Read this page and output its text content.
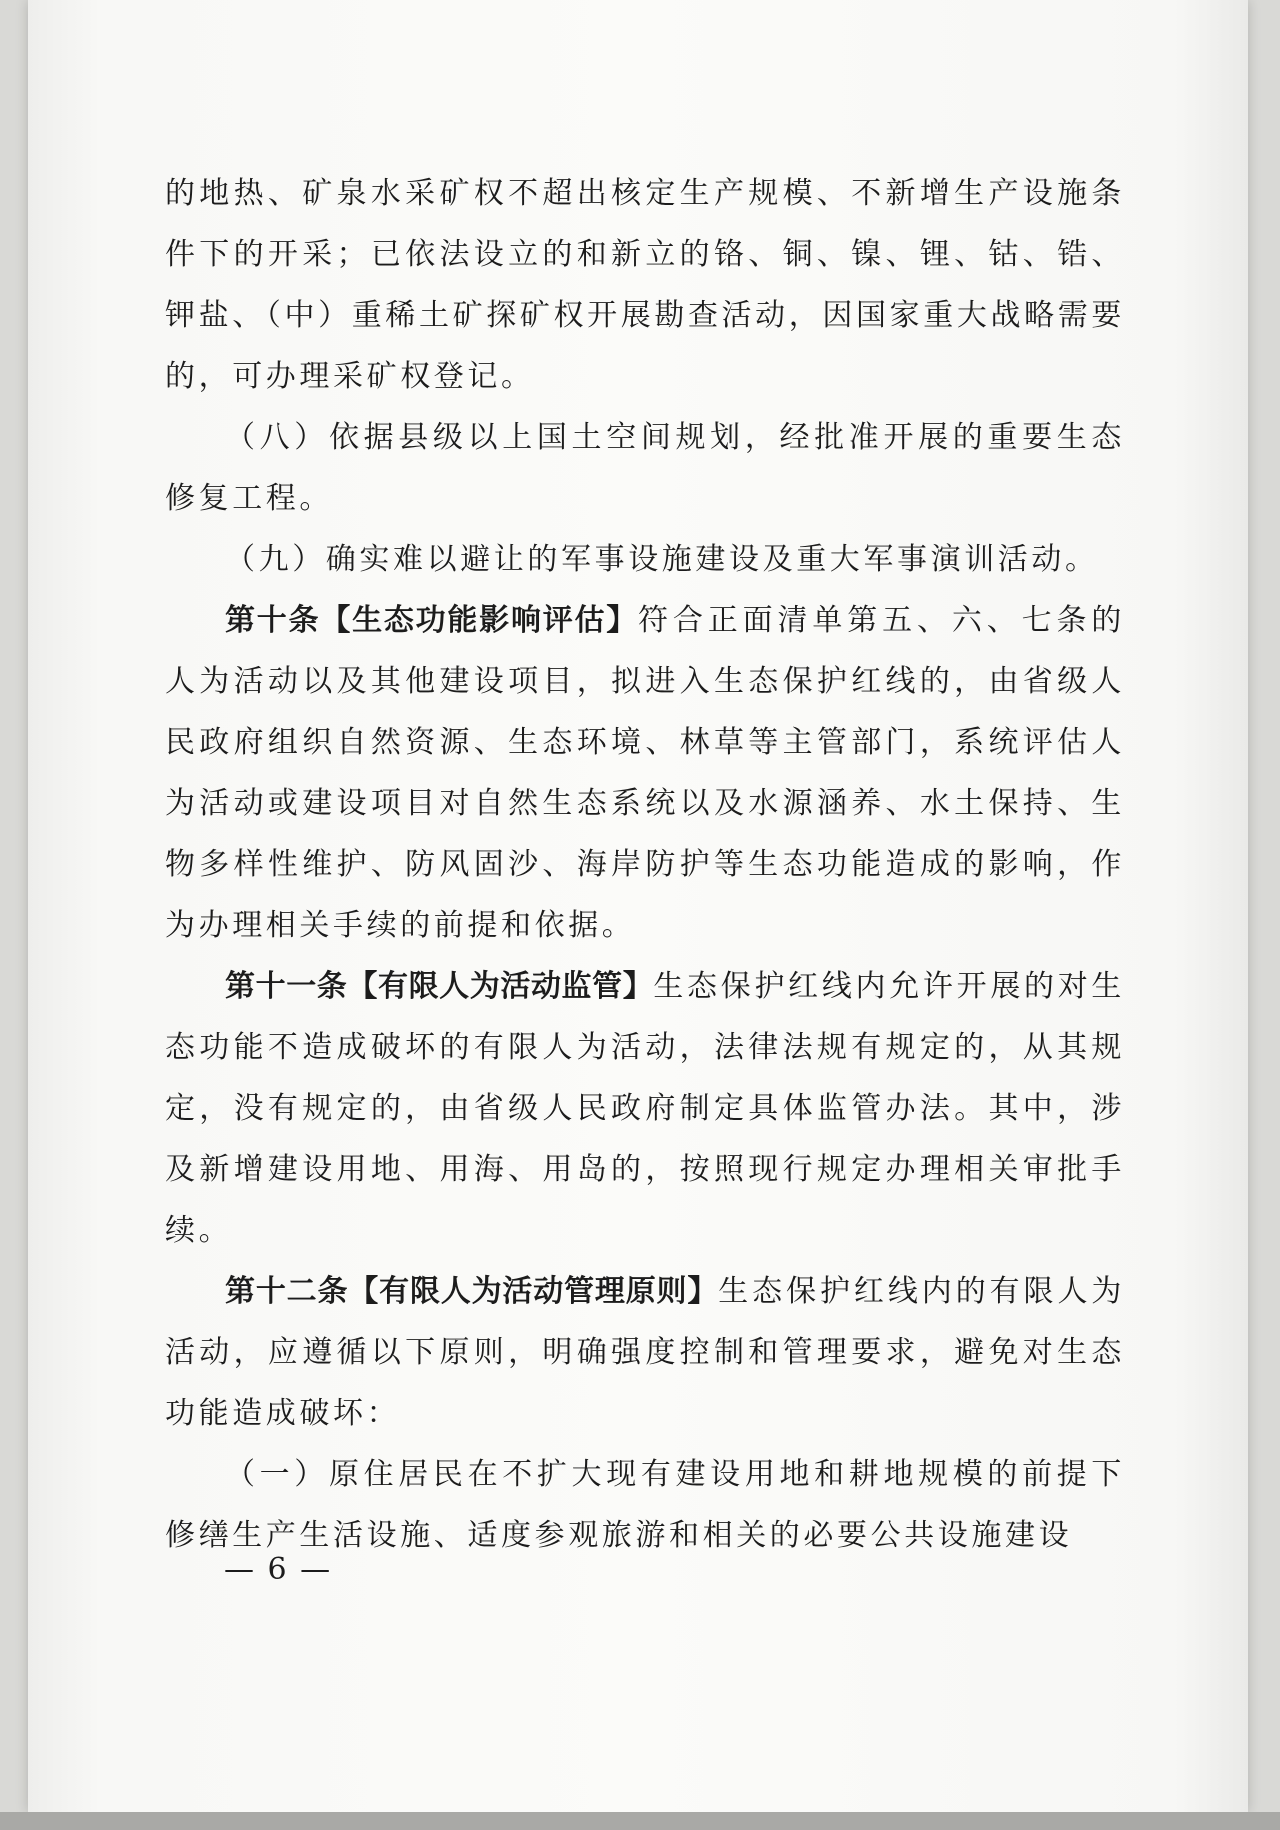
的地热、矿泉水采矿权不超出核定生产规模、不新增生产设施条件下的开采；已依法设立的和新立的铬、铜、镍、锂、钴、锆、钾盐、（中）重稀土矿探矿权开展勘查活动，因国家重大战略需要的，可办理采矿权登记。

（八）依据县级以上国土空间规划，经批准开展的重要生态修复工程。

（九）确实难以避让的军事设施建设及重大军事演训活动。

第十条【生态功能影响评估】符合正面清单第五、六、七条的人为活动以及其他建设项目，拟进入生态保护红线的，由省级人民政府组织自然资源、生态环境、林草等主管部门，系统评估人为活动或建设项目对自然生态系统以及水源涵养、水土保持、生物多样性维护、防风固沙、海岸防护等生态功能造成的影响，作为办理相关手续的前提和依据。

第十一条【有限人为活动监管】生态保护红线内允许开展的对生态功能不造成破坏的有限人为活动，法律法规有规定的，从其规定，没有规定的，由省级人民政府制定具体监管办法。其中，涉及新增建设用地、用海、用岛的，按照现行规定办理相关审批手续。

第十二条【有限人为活动管理原则】生态保护红线内的有限人为活动，应遵循以下原则，明确强度控制和管理要求，避免对生态功能造成破坏：

（一）原住居民在不扩大现有建设用地和耕地规模的前提下修缮生产生活设施、适度参观旅游和相关的必要公共设施建设

— 6 —
